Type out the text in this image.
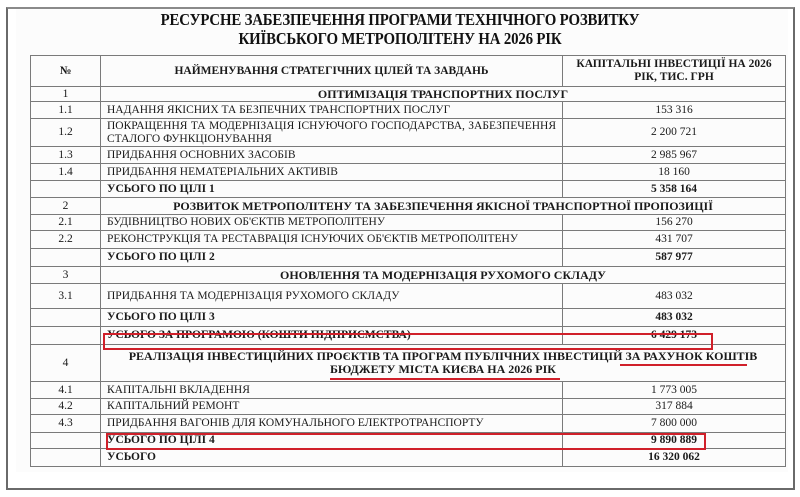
РЕСУРСНЕ ЗАБЕЗПЕЧЕННЯ ПРОГРАМИ ТЕХНІЧНОГО РОЗВИТКУ
КИЇВСЬКОГО МЕТРОПОЛІТЕНУ НА 2026 РІК
№	НАЙМЕНУВАННЯ СТРАТЕГІЧНИХ ЦІЛЕЙ ТА ЗАВДАНЬ	КАПІТАЛЬНІ ІНВЕСТИЦІЇ НА 2026 РІК, ТИС. ГРН
1	ОПТИМІЗАЦІЯ ТРАНСПОРТНИХ ПОСЛУГ	
1.1	НАДАННЯ ЯКІСНИХ ТА БЕЗПЕЧНИХ ТРАНСПОРТНИХ ПОСЛУГ	153 316
1.2	ПОКРАЩЕННЯ ТА МОДЕРНІЗАЦІЯ ІСНУЮЧОГО ГОСПОДАРСТВА, ЗАБЕЗПЕЧЕННЯ СТАЛОГО ФУНКЦІОНУВАННЯ	2 200 721
1.3	ПРИДБАННЯ ОСНОВНИХ ЗАСОБІВ	2 985 967
1.4	ПРИДБАННЯ НЕМАТЕРІАЛЬНИХ АКТИВІВ	18 160
	УСЬОГО ПО ЦІЛІ 1	5 358 164
2	РОЗВИТОК МЕТРОПОЛІТЕНУ ТА ЗАБЕЗПЕЧЕННЯ ЯКІСНОЇ ТРАНСПОРТНОЇ ПРОПОЗИЦІЇ	
2.1	БУДІВНИЦТВО НОВИХ ОБ'ЄКТІВ МЕТРОПОЛІТЕНУ	156 270
2.2	РЕКОНСТРУКЦІЯ ТА РЕСТАВРАЦІЯ ІСНУЮЧИХ ОБ'ЄКТІВ МЕТРОПОЛІТЕНУ	431 707
	УСЬОГО ПО ЦІЛІ 2	587 977
3	ОНОВЛЕННЯ ТА МОДЕРНІЗАЦІЯ РУХОМОГО СКЛАДУ	
3.1	ПРИДБАННЯ ТА МОДЕРНІЗАЦІЯ РУХОМОГО СКЛАДУ	483 032
	УСЬОГО ПО ЦІЛІ 3	483 032
	УСЬОГО ЗА ПРОГРАМОЮ (КОШТИ ПІДПРИЄМСТВА)	6 429 173
4	РЕАЛІЗАЦІЯ ІНВЕСТИЦІЙНИХ ПРОЄКТІВ ТА ПРОГРАМ ПУБЛІЧНИХ ІНВЕСТИЦІЙ ЗА РАХУНОК КОШТІВ
БЮДЖЕТУ МІСТА КИЄВА НА 2026 РІК	
4.1	КАПІТАЛЬНІ ВКЛАДЕННЯ	1 773 005
4.2	КАПІТАЛЬНИЙ РЕМОНТ	317 884
4.3	ПРИДБАННЯ ВАГОНІВ ДЛЯ КОМУНАЛЬНОГО ЕЛЕКТРОТРАНСПОРТУ	7 800 000
	УСЬОГО ПО ЦІЛІ 4	9 890 889
	УСЬОГО	16 320 062
